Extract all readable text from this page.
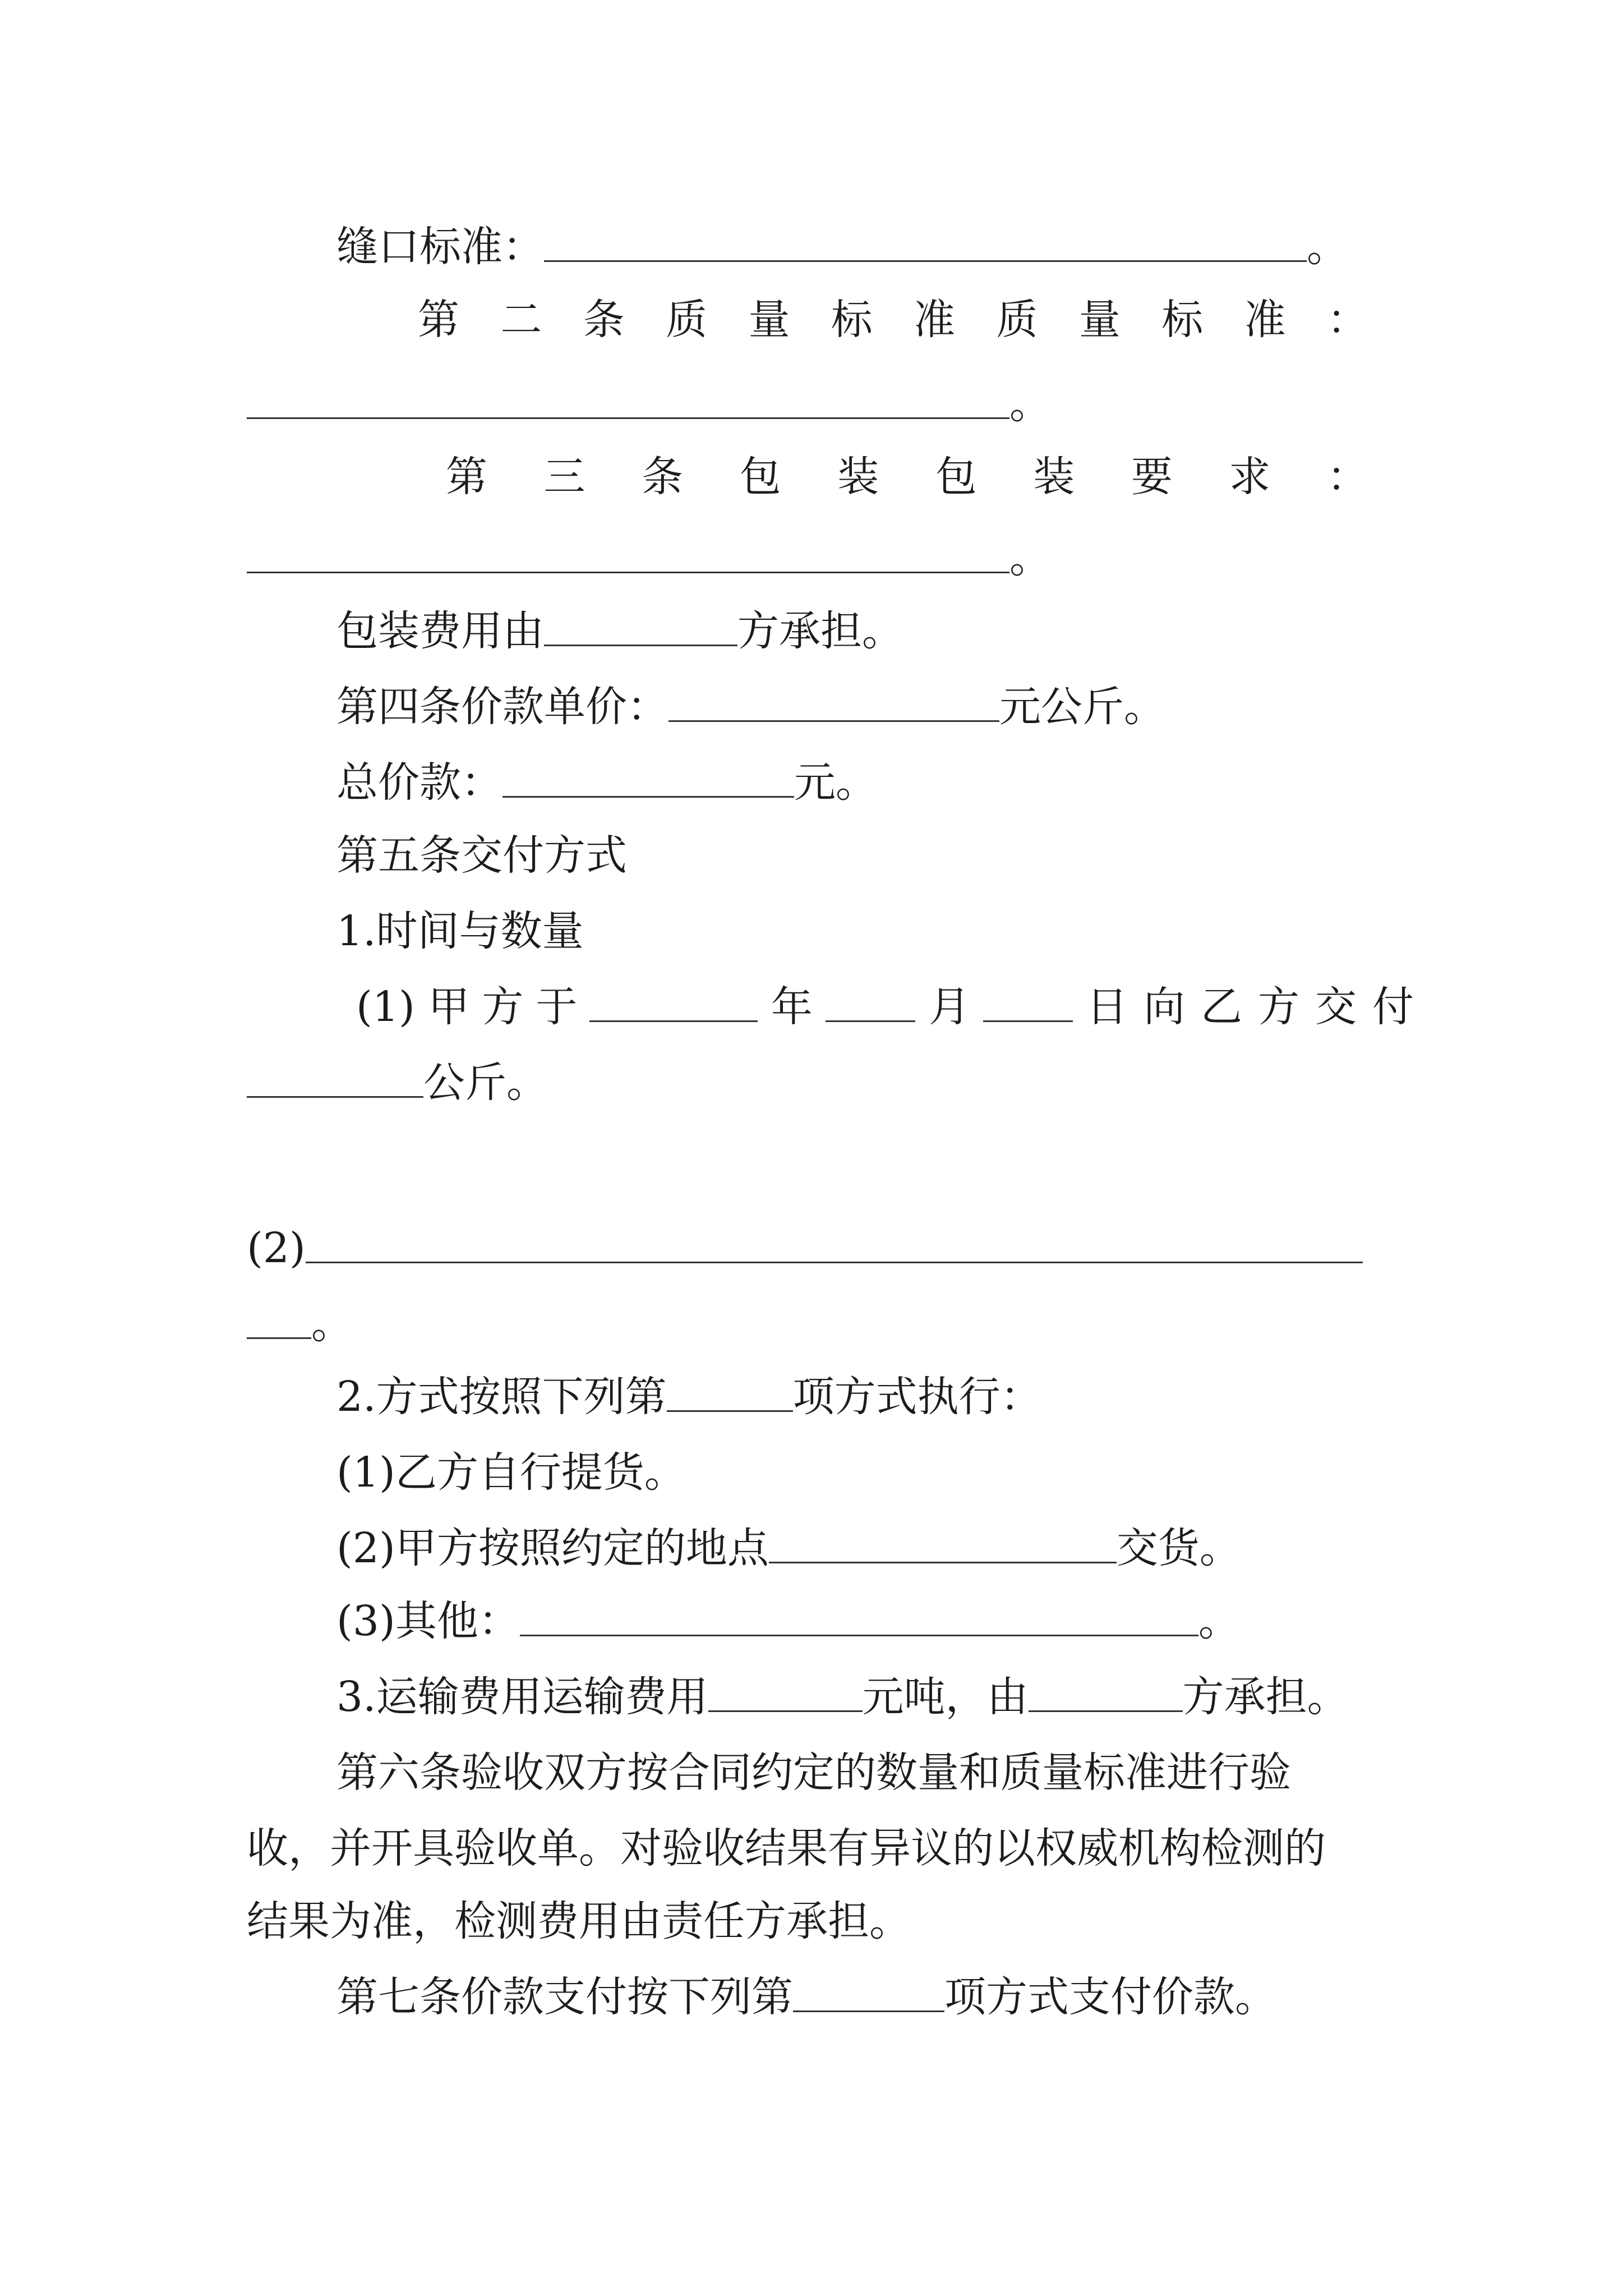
缝口标准：	。
第 二 条 质 量 标 准 质 量 标 准 ：
。
第 三 条 包 装 包 装 要 求 ：
。
包装费用由	方承担。
第四条价款单价：	元公斤。
总价款：	元。
第五条交付方式
1.时间与数量
(1) 甲方于	年	月	日向乙方交付
公斤。
(2)
。
2.方式按照下列第	项方式执行：
(1)乙方自行提货。
(2)甲方按照约定的地点	交货。
(3)其他：	。
3.运输费用运输费用	元吨，由	方承担。
第六条验收双方按合同约定的数量和质量标准进行验
收，并开具验收单。对验收结果有异议的以权威机构检测的
结果为准，检测费用由责任方承担。
第七条价款支付按下列第	项方式支付价款。
